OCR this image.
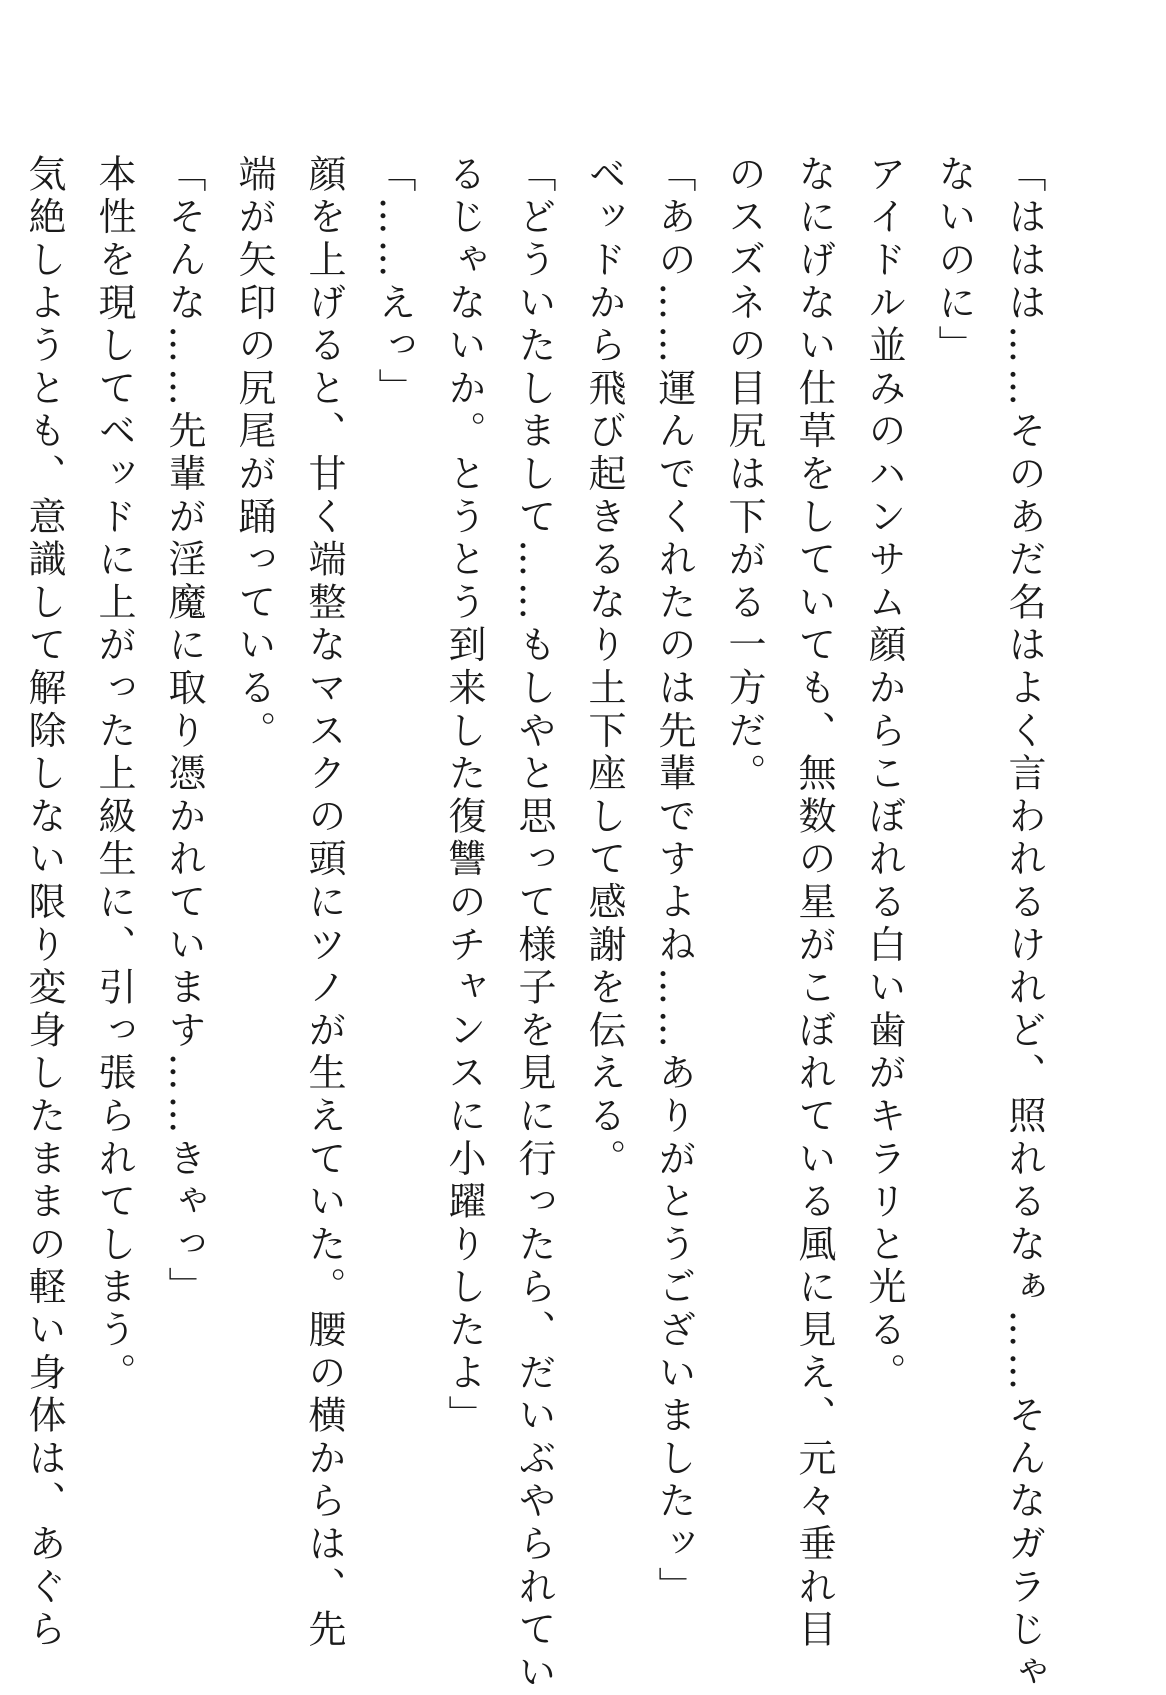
「ははは……そのあだ名はよく言われるけれど、照れるなぁ……そんなガラじゃ
ないのに」
アイドル並みのハンサム顔からこぼれる白い歯がキラリと光る。
なにげない仕草をしていても、無数の星がこぼれている風に見え、元々垂れ目
のスズネの目尻は下がる一方だ。
「あの……運んでくれたのは先輩ですよね……ありがとうございましたッ」
ベッドから飛び起きるなり土下座して感謝を伝える。
「どういたしまして……もしやと思って様子を見に行ったら、だいぶやられてい
るじゃないか。とうとう到来した復讐のチャンスに小躍りしたよ」
「……えっ」
顔を上げると、甘く端整なマスクの頭にツノが生えていた。腰の横からは、先
端が矢印の尻尾が踊っている。
「そんな……先輩が淫魔に取り憑かれています……きゃっ」
本性を現してベッドに上がった上級生に、引っ張られてしまう。
気絶しようとも、意識して解除しない限り変身したままの軽い身体は、あぐら
